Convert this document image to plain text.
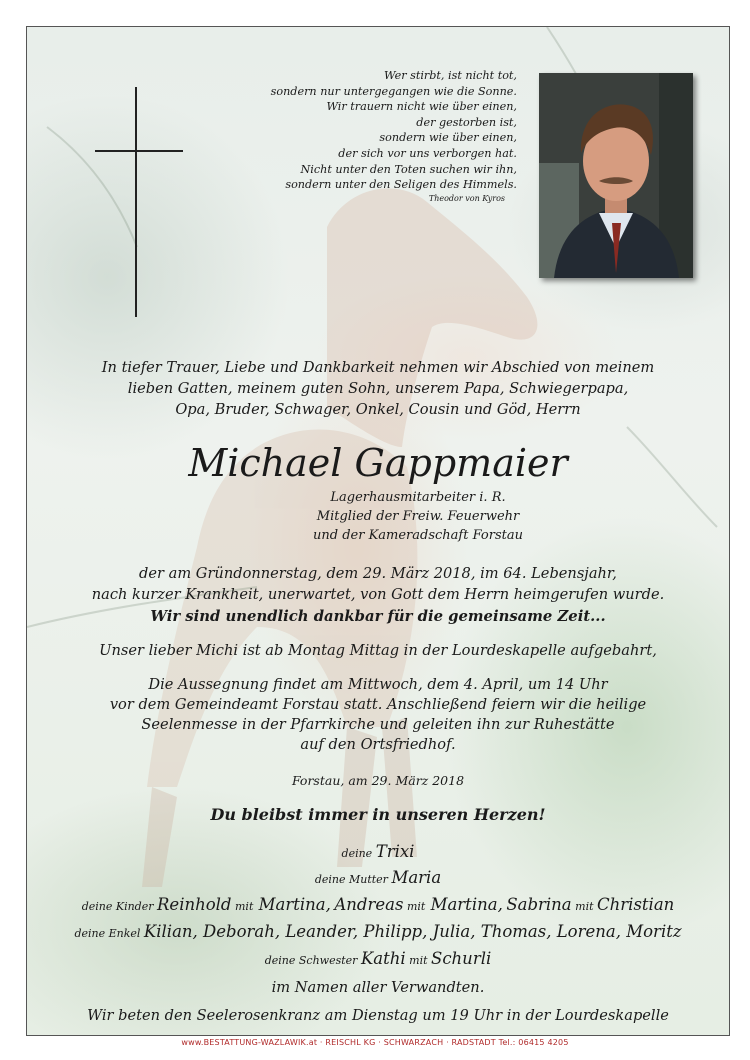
Wer stirbt, ist nicht tot,
sondern nur untergegangen wie die Sonne.
Wir trauern nicht wie über einen,
der gestorben ist,
sondern wie über einen,
der sich vor uns verborgen hat.
Nicht unter den Toten suchen wir ihn,
sondern unter den Seligen des Himmels.
Theodor von Kyros
In tiefer Trauer, Liebe und Dankbarkeit nehmen wir Abschied von meinem
lieben Gatten, meinem guten Sohn, unserem Papa, Schwiegerpapa,
Opa, Bruder, Schwager, Onkel, Cousin und Göd, Herrn
Michael Gappmaier
Lagerhausmitarbeiter i. R.
Mitglied der Freiw. Feuerwehr
und der Kameradschaft Forstau
der am Gründonnerstag, dem 29. März 2018, im 64. Lebensjahr,
nach kurzer Krankheit, unerwartet, von Gott dem Herrn heimgerufen wurde.
Wir sind unendlich dankbar für die gemeinsame Zeit...
Unser lieber Michi ist ab Montag Mittag in der Lourdeskapelle aufgebahrt,
Die Aussegnung findet am Mittwoch, dem 4. April, um 14 Uhr
vor dem Gemeindeamt Forstau statt. Anschließend feiern wir die heilige
Seelenmesse in der Pfarrkirche und geleiten ihn zur Ruhestätte
auf den Ortsfriedhof.
Forstau, am 29. März 2018
Du bleibst immer in unseren Herzen!
deine Trixi
deine Mutter Maria
deine Kinder Reinhold mit Martina, Andreas mit Martina, Sabrina mit Christian
deine Enkel Kilian, Deborah, Leander, Philipp, Julia, Thomas, Lorena, Moritz
deine Schwester Kathi mit Schurli
im Namen aller Verwandten.
Wir beten den Seelerosenkranz am Dienstag um 19 Uhr in der Lourdeskapelle
www.BESTATTUNG-WAZLAWIK.at · REISCHL KG · SCHWARZACH · RADSTADT Tel.: 06415 4205
